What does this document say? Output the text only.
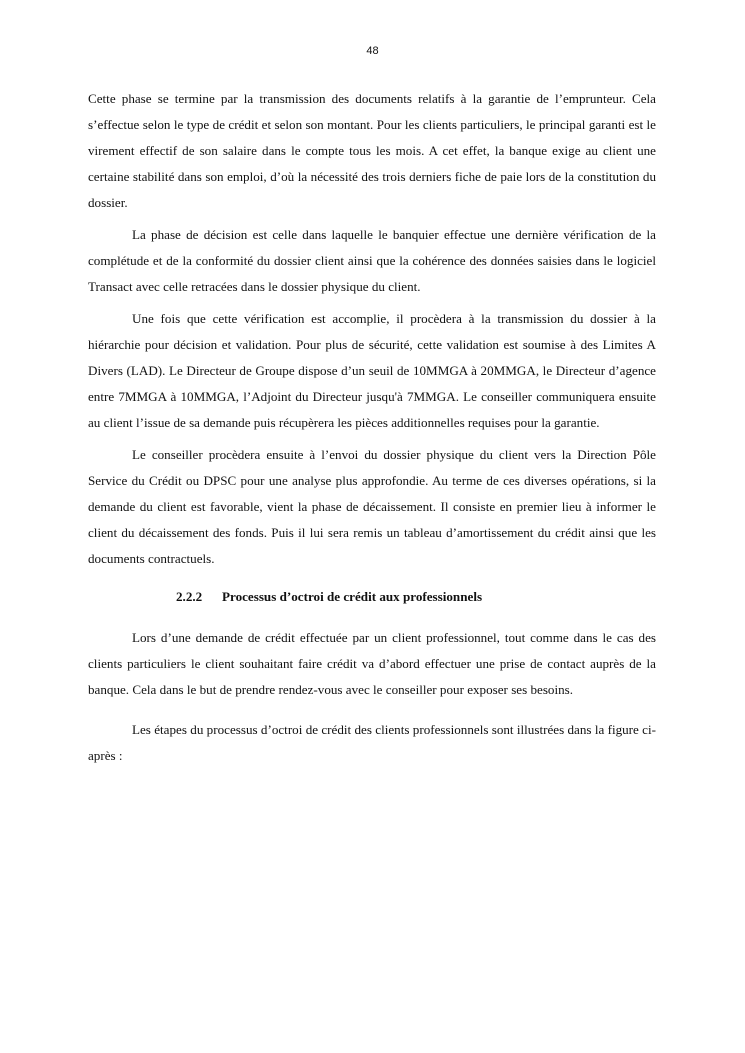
48

Cette phase se termine par la transmission des documents relatifs à la garantie de l’emprunteur. Cela s’effectue selon le type de crédit et selon son montant. Pour les clients particuliers, le principal garanti est le virement effectif de son salaire dans le compte tous les mois. A cet effet, la banque exige au client une certaine stabilité dans son emploi, d’où la nécessité des trois derniers fiche de paie lors de la constitution du dossier.

La phase de décision est celle dans laquelle le banquier effectue une dernière vérification de la complétude et de la conformité du dossier client ainsi que la cohérence des données saisies dans le logiciel Transact avec celle retracées dans le dossier physique du client.

Une fois que cette vérification est accomplie, il procèdera à la transmission du dossier à la hiérarchie pour décision et validation. Pour plus de sécurité, cette validation est soumise à des Limites A Divers (LAD). Le Directeur de Groupe dispose d’un seuil de 10MMGA à 20MMGA, le Directeur d’agence entre 7MMGA à 10MMGA, l’Adjoint du Directeur jusqu'à 7MMGA. Le conseiller communiquera ensuite au client l’issue de sa demande puis récupèrera les pièces additionnelles requises pour la garantie.

Le conseiller procèdera ensuite à l’envoi du dossier physique du client vers la Direction Pôle Service du Crédit ou DPSC pour une analyse plus approfondie. Au terme de ces diverses opérations, si la demande du client est favorable, vient la phase de décaissement. Il consiste en premier lieu à informer le client du décaissement des fonds. Puis il lui sera remis un tableau d’amortissement du crédit ainsi que les documents contractuels.

2.2.2 Processus d’octroi de crédit aux professionnels

Lors d’une demande de crédit effectuée par un client professionnel, tout comme dans le cas des clients particuliers le client souhaitant faire crédit va d’abord effectuer une prise de contact auprès de la banque. Cela dans le but de prendre rendez-vous avec le conseiller pour exposer ses besoins.

Les étapes du processus d’octroi de crédit des clients professionnels sont illustrées dans la figure ci-après :
